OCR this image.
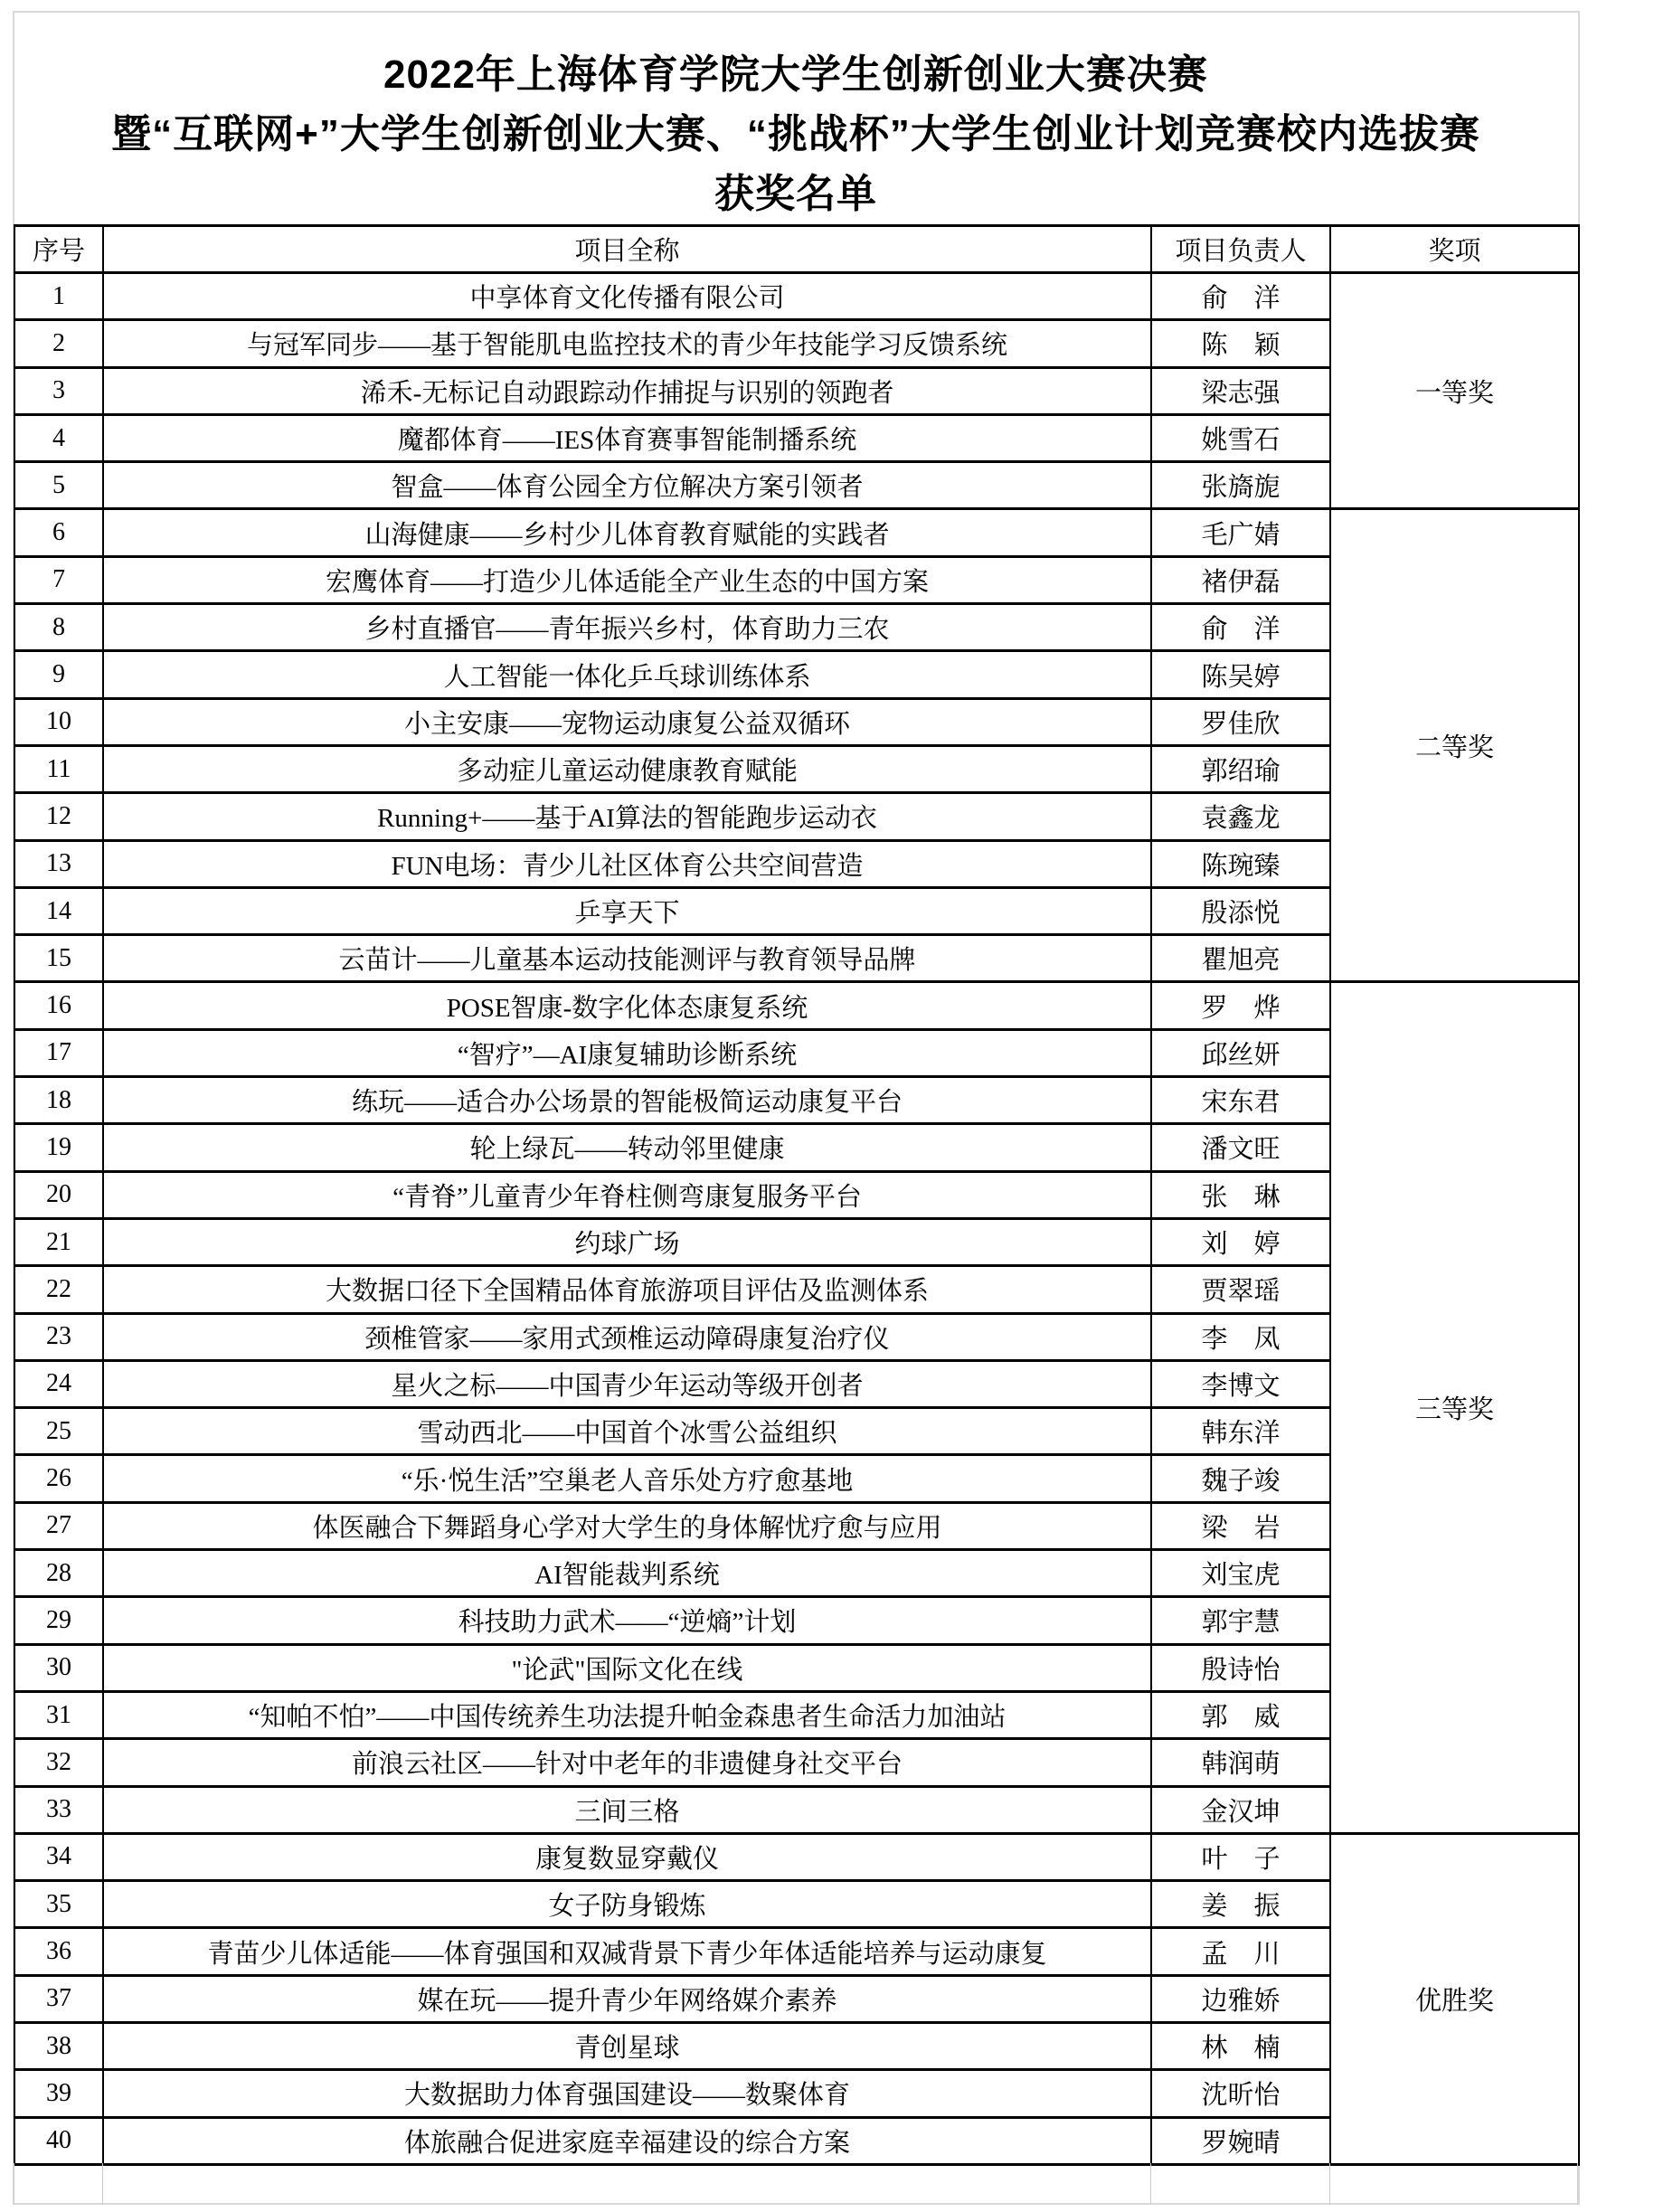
2022年上海体育学院大学生创新创业大赛决赛
暨“互联网+”大学生创新创业大赛、“挑战杯”大学生创业计划竞赛校内选拔赛
获奖名单
序号	项目全称	项目负责人	奖项
1	中享体育文化传播有限公司	俞　洋	一等奖
2	与冠军同步——基于智能肌电监控技术的青少年技能学习反馈系统	陈　颖	
3	浠禾-无标记自动跟踪动作捕捉与识别的领跑者	梁志强	
4	魔都体育——IES体育赛事智能制播系统	姚雪石	
5	智盒——体育公园全方位解决方案引领者	张旖旎	
6	山海健康——乡村少儿体育教育赋能的实践者	毛广婧	二等奖
7	宏鹰体育——打造少儿体适能全产业生态的中国方案	褚伊磊	
8	乡村直播官——青年振兴乡村，体育助力三农	俞　洋	
9	人工智能一体化乒乓球训练体系	陈吴婷	
10	小主安康——宠物运动康复公益双循环	罗佳欣	
11	多动症儿童运动健康教育赋能	郭绍瑜	
12	Running+——基于AI算法的智能跑步运动衣	袁鑫龙	
13	FUN电场：青少儿社区体育公共空间营造	陈琬臻	
14	乒享天下	殷添悦	
15	云苗计——儿童基本运动技能测评与教育领导品牌	瞿旭亮	
16	POSE智康-数字化体态康复系统	罗　烨	三等奖
17	“智疗”—AI康复辅助诊断系统	邱丝妍	
18	练玩——适合办公场景的智能极简运动康复平台	宋东君	
19	轮上绿瓦——转动邻里健康	潘文旺	
20	“青脊”儿童青少年脊柱侧弯康复服务平台	张　琳	
21	约球广场	刘　婷	
22	大数据口径下全国精品体育旅游项目评估及监测体系	贾翠瑶	
23	颈椎管家——家用式颈椎运动障碍康复治疗仪	李　凤	
24	星火之标——中国青少年运动等级开创者	李博文	
25	雪动西北——中国首个冰雪公益组织	韩东洋	
26	“乐·悦生活”空巢老人音乐处方疗愈基地	魏子竣	
27	体医融合下舞蹈身心学对大学生的身体解忧疗愈与应用	梁　岩	
28	AI智能裁判系统	刘宝虎	
29	科技助力武术——“逆熵”计划	郭宇慧	
30	"论武"国际文化在线	殷诗怡	
31	“知帕不怕”——中国传统养生功法提升帕金森患者生命活力加油站	郭　威	
32	前浪云社区——针对中老年的非遗健身社交平台	韩润萌	
33	三间三格	金汉坤	
34	康复数显穿戴仪	叶　子	优胜奖
35	女子防身锻炼	姜　振	
36	青苗少儿体适能——体育强国和双减背景下青少年体适能培养与运动康复	孟　川	
37	媒在玩——提升青少年网络媒介素养	边雅娇	
38	青创星球	林　楠	
39	大数据助力体育强国建设——数聚体育	沈昕怡	
40	体旅融合促进家庭幸福建设的综合方案	罗婉晴	
